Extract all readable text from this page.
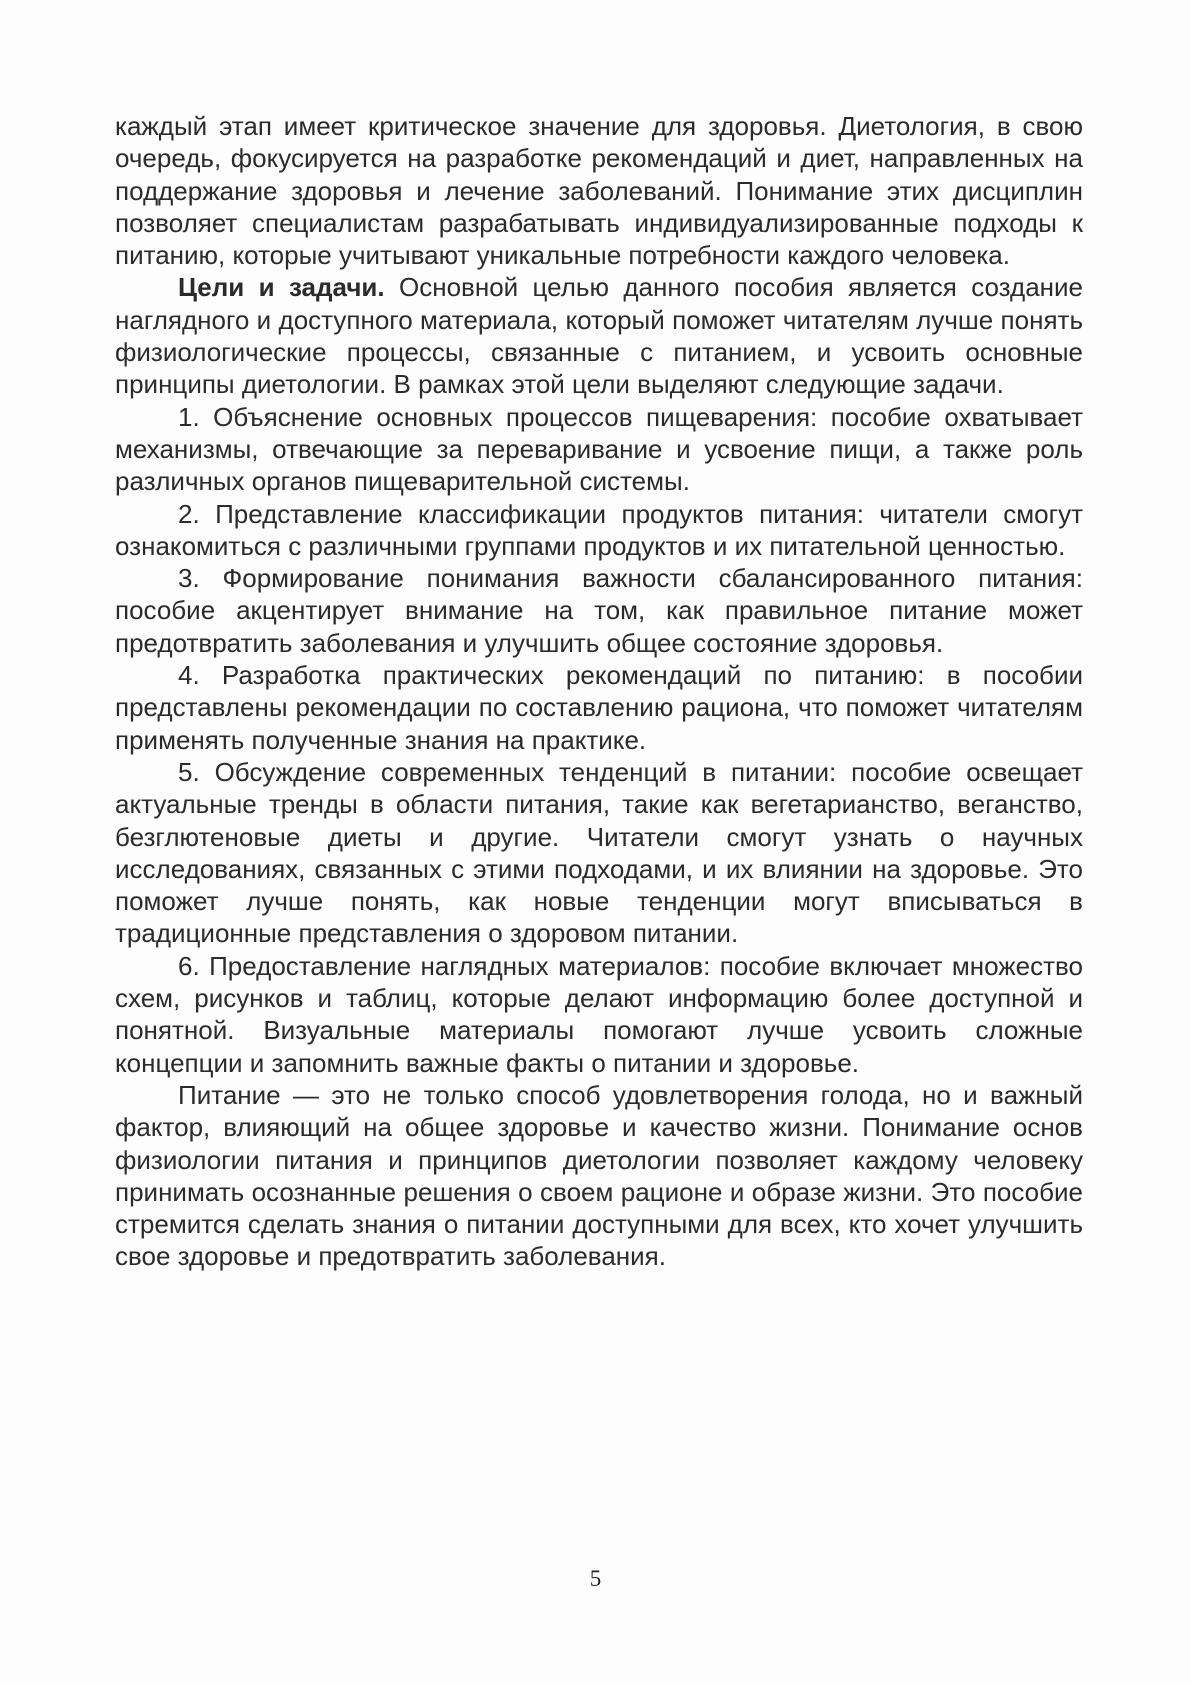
каждый этап имеет критическое значение для здоровья. Диетология, в свою очередь, фокусируется на разработке рекомендаций и диет, направленных на поддержание здоровья и лечение заболеваний. Понимание этих дисциплин позволяет специалистам разрабатывать индивидуализированные подходы к питанию, которые учитывают уникальные потребности каждого человека.

Цели и задачи. Основной целью данного пособия является создание наглядного и доступного материала, который поможет читателям лучше понять физиологические процессы, связанные с питанием, и усвоить основные принципы диетологии. В рамках этой цели выделяют следующие задачи.

1. Объяснение основных процессов пищеварения: пособие охватывает механизмы, отвечающие за переваривание и усвоение пищи, а также роль различных органов пищеварительной системы.

2. Представление классификации продуктов питания: читатели смогут ознакомиться с различными группами продуктов и их питательной ценностью.

3. Формирование понимания важности сбалансированного питания: пособие акцентирует внимание на том, как правильное питание может предотвратить заболевания и улучшить общее состояние здоровья.

4. Разработка практических рекомендаций по питанию: в пособии представлены рекомендации по составлению рациона, что поможет читателям применять полученные знания на практике.

5. Обсуждение современных тенденций в питании: пособие освещает актуальные тренды в области питания, такие как вегетарианство, веганство, безглютеновые диеты и другие. Читатели смогут узнать о научных исследованиях, связанных с этими подходами, и их влиянии на здоровье. Это поможет лучше понять, как новые тенденции могут вписываться в традиционные представления о здоровом питании.

6. Предоставление наглядных материалов: пособие включает множество схем, рисунков и таблиц, которые делают информацию более доступной и понятной. Визуальные материалы помогают лучше усвоить сложные концепции и запомнить важные факты о питании и здоровье.

Питание — это не только способ удовлетворения голода, но и важный фактор, влияющий на общее здоровье и качество жизни. Понимание основ физиологии питания и принципов диетологии позволяет каждому человеку принимать осознанные решения о своем рационе и образе жизни. Это пособие стремится сделать знания о питании доступными для всех, кто хочет улучшить свое здоровье и предотвратить заболевания.

5
